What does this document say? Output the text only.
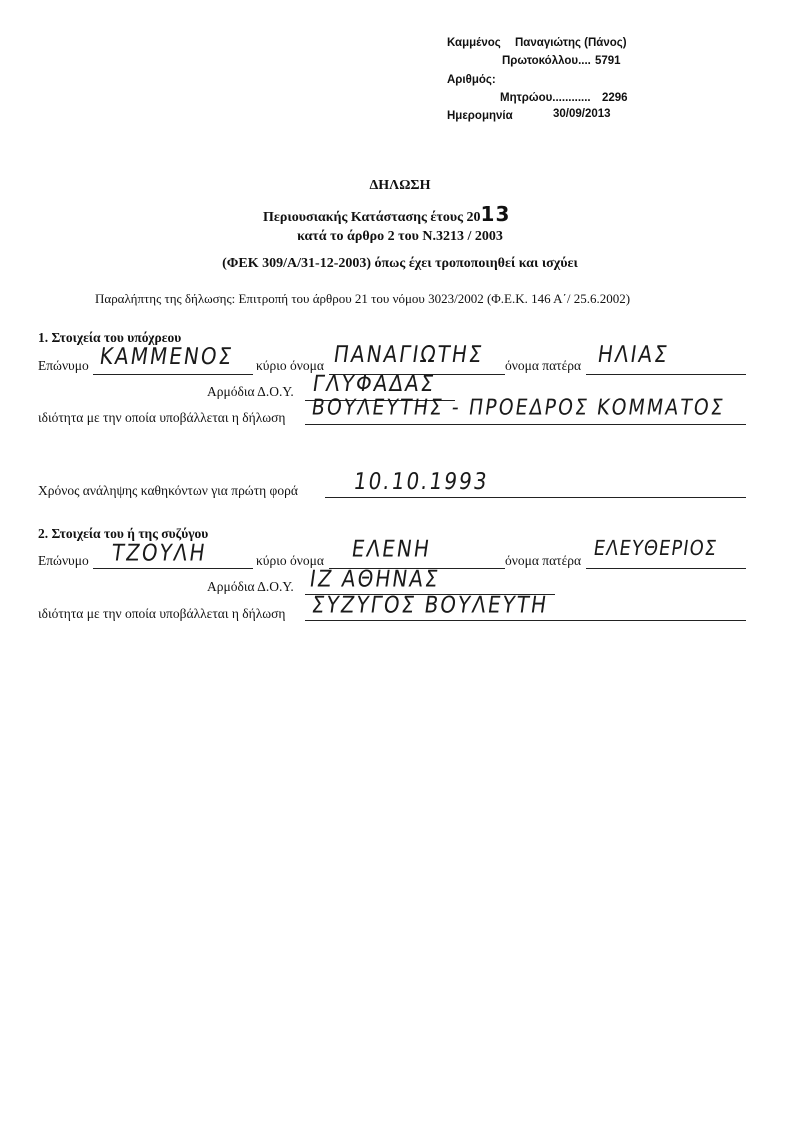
Καμμένος Παναγιώτης (Πάνος)
Πρωτοκόλλου.... 5791
Αριθμός:
Μητρώου............ 2296
Ημερομηνία	30/09/2013
ΔΗΛΩΣΗ
Περιουσιακής Κατάστασης έτους 2013
κατά το άρθρο 2 του Ν.3213 / 2003
(ΦΕΚ 309/Α/31-12-2003) όπως έχει τροποποιηθεί και ισχύει
Παραλήπτης της δήλωσης: Επιτροπή του άρθρου 21 του νόμου 3023/2002 (Φ.Ε.Κ. 146 Α΄/ 25.6.2002)
1. Στοιχεία του υπόχρεου
Επώνυμο ΚΑΜΜΕΝΟΣ κύριο όνομα ΠΑΝΑΓΙΩΤΗΣ όνομα πατέρα ΗΛΙΑΣ
Αρμόδια Δ.Ο.Υ. ΓΛΥΦΑΔΑΣ
ιδιότητα με την οποία υποβάλλεται η δήλωση ΒΟΥΛΕΥΤΗΣ - ΠΡΟΕΔΡΟΣ ΚΟΜΜΑΤΟΣ
Χρόνος ανάληψης καθηκόντων για πρώτη φορά	10.10.1993
2. Στοιχεία του ή της συζύγου
Επώνυμο ΤΖΟΥΛΗ	κύριο όνομα ΕΛΕΝΗ	όνομα πατέρα ΕΛΕΥΘΕΡΙΟΣ
Αρμόδια Δ.Ο.Υ. ΙΖ ΑΘΗΝΑΣ
ιδιότητα με την οποία υποβάλλεται η δήλωση ΣΥΖΥΓΟΣ ΒΟΥΛΕΥΤΗ
